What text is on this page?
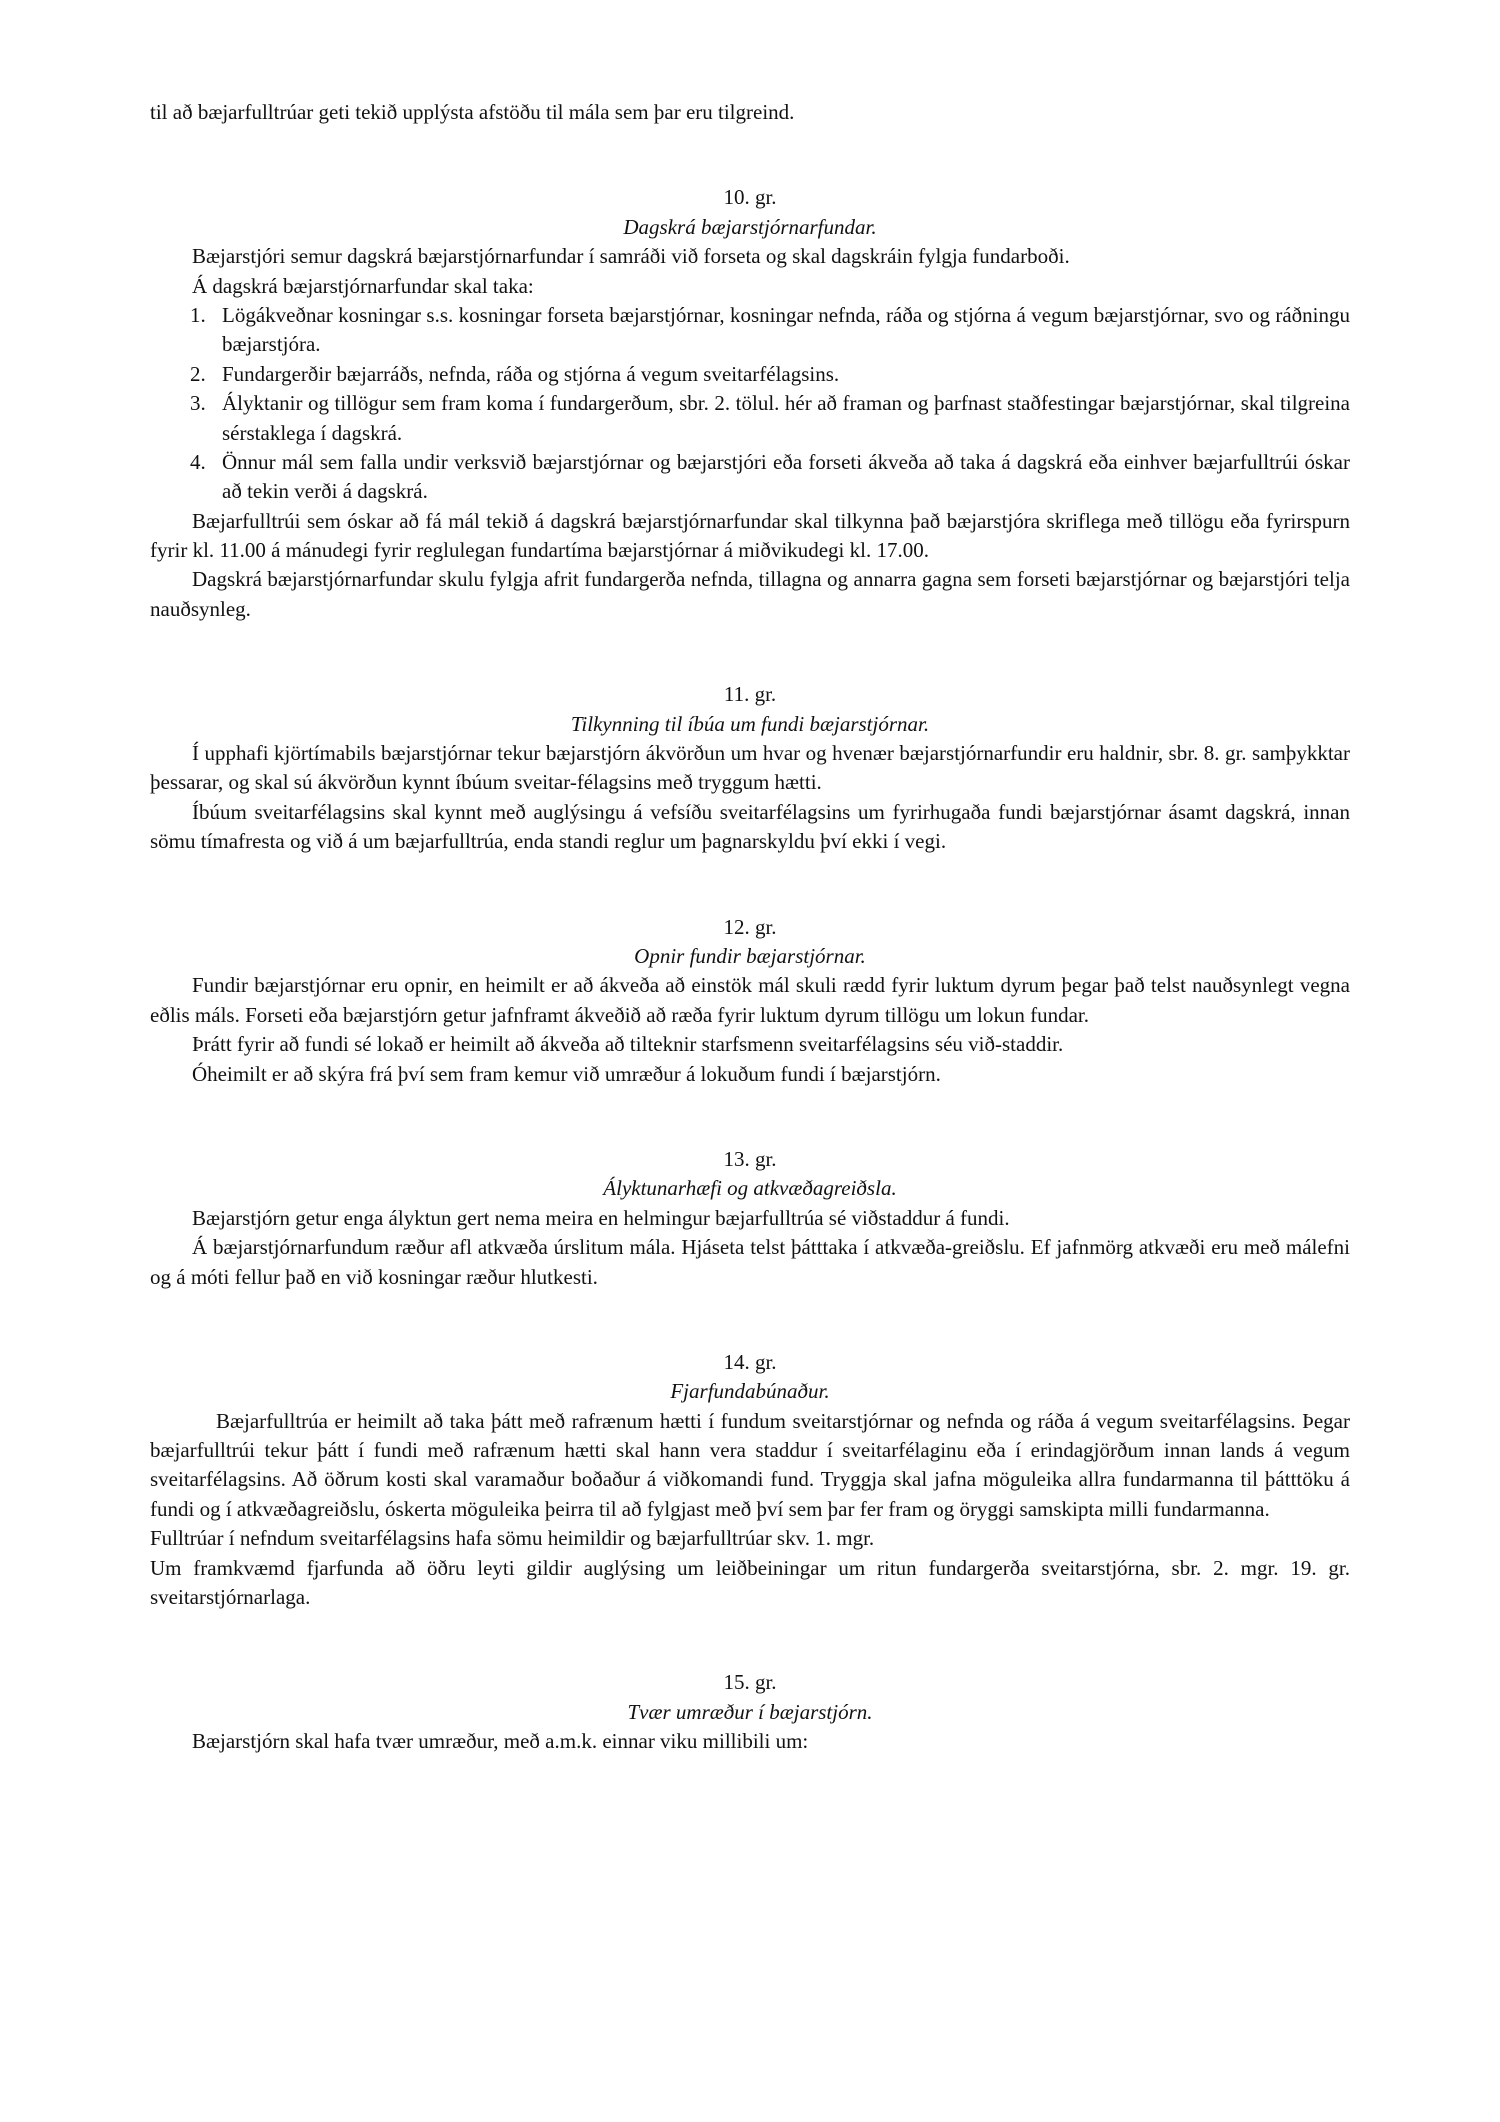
til að bæjarfulltrúar geti tekið upplýsta afstöðu til mála sem þar eru tilgreind.

10. gr.
Dagskrá bæjarstjórnarfundar.

Bæjarstjóri semur dagskrá bæjarstjórnarfundar í samráði við forseta og skal dagskráin fylgja fundarboði.

Á dagskrá bæjarstjórnarfundar skal taka:

1. Lögákveðnar kosningar s.s. kosningar forseta bæjarstjórnar, kosningar nefnda, ráða og stjórna á vegum bæjarstjórnar, svo og ráðningu bæjarstjóra.
2. Fundargerðir bæjarráðs, nefnda, ráða og stjórna á vegum sveitarfélagsins.
3. Ályktanir og tillögur sem fram koma í fundargerðum, sbr. 2. tölul. hér að framan og þarfnast staðfestingar bæjarstjórnar, skal tilgreina sérstaklega í dagskrá.
4. Önnur mál sem falla undir verksvið bæjarstjórnar og bæjarstjóri eða forseti ákveða að taka á dagskrá eða einhver bæjarfulltrúi óskar að tekin verði á dagskrá.

Bæjarfulltrúi sem óskar að fá mál tekið á dagskrá bæjarstjórnarfundar skal tilkynna það bæjarstjóra skriflega með tillögu eða fyrirspurn fyrir kl. 11.00 á mánudegi fyrir reglulegan fundartíma bæjarstjórnar á miðvikudegi kl. 17.00.

Dagskrá bæjarstjórnarfundar skulu fylgja afrit fundargerða nefnda, tillagna og annarra gagna sem forseti bæjarstjórnar og bæjarstjóri telja nauðsynleg.

11. gr.
Tilkynning til íbúa um fundi bæjarstjórnar.

Í upphafi kjörtímabils bæjarstjórnar tekur bæjarstjórn ákvörðun um hvar og hvenær bæjarstjórnarfundir eru haldnir, sbr. 8. gr. samþykktar þessarar, og skal sú ákvörðun kynnt íbúum sveitar-félagsins með tryggum hætti.

Íbúum sveitarfélagsins skal kynnt með auglýsingu á vefsíðu sveitarfélagsins um fyrirhugaða fundi bæjarstjórnar ásamt dagskrá, innan sömu tímafresta og við á um bæjarfulltrúa, enda standi reglur um þagnarskyldu því ekki í vegi.

12. gr.
Opnir fundir bæjarstjórnar.

Fundir bæjarstjórnar eru opnir, en heimilt er að ákveða að einstök mál skuli rædd fyrir luktum dyrum þegar það telst nauðsynlegt vegna eðlis máls. Forseti eða bæjarstjórn getur jafnframt ákveðið að ræða fyrir luktum dyrum tillögu um lokun fundar.

Þrátt fyrir að fundi sé lokað er heimilt að ákveða að tilteknir starfsmenn sveitarfélagsins séu við-staddir.

Óheimilt er að skýra frá því sem fram kemur við umræður á lokuðum fundi í bæjarstjórn.

13. gr.
Ályktunarhæfi og atkvæðagreiðsla.

Bæjarstjórn getur enga ályktun gert nema meira en helmingur bæjarfulltrúa sé viðstaddur á fundi.

Á bæjarstjórnarfundum ræður afl atkvæða úrslitum mála. Hjáseta telst þátttaka í atkvæða-greiðslu. Ef jafnmörg atkvæði eru með málefni og á móti fellur það en við kosningar ræður hlutkesti.

14. gr.
Fjarfundabúnaður.

Bæjarfulltrúa er heimilt að taka þátt með rafrænum hætti í fundum sveitarstjórnar og nefnda og ráða á vegum sveitarfélagsins. Þegar bæjarfulltrúi tekur þátt í fundi með rafrænum hætti skal hann vera staddur í sveitarfélaginu eða í erindagjörðum innan lands á vegum sveitarfélagsins. Að öðrum kosti skal varamaður boðaður á viðkomandi fund. Tryggja skal jafna möguleika allra fundarmanna til þátttöku á fundi og í atkvæðagreiðslu, óskerta möguleika þeirra til að fylgjast með því sem þar fer fram og öryggi samskipta milli fundarmanna.

Fulltrúar í nefndum sveitarfélagsins hafa sömu heimildir og bæjarfulltrúar skv. 1. mgr.

Um framkvæmd fjarfunda að öðru leyti gildir auglýsing um leiðbeiningar um ritun fundargerða sveitarstjórna, sbr. 2. mgr. 19. gr. sveitarstjórnarlaga.

15. gr.
Tvær umræður í bæjarstjórn.

Bæjarstjórn skal hafa tvær umræður, með a.m.k. einnar viku millibili um:
